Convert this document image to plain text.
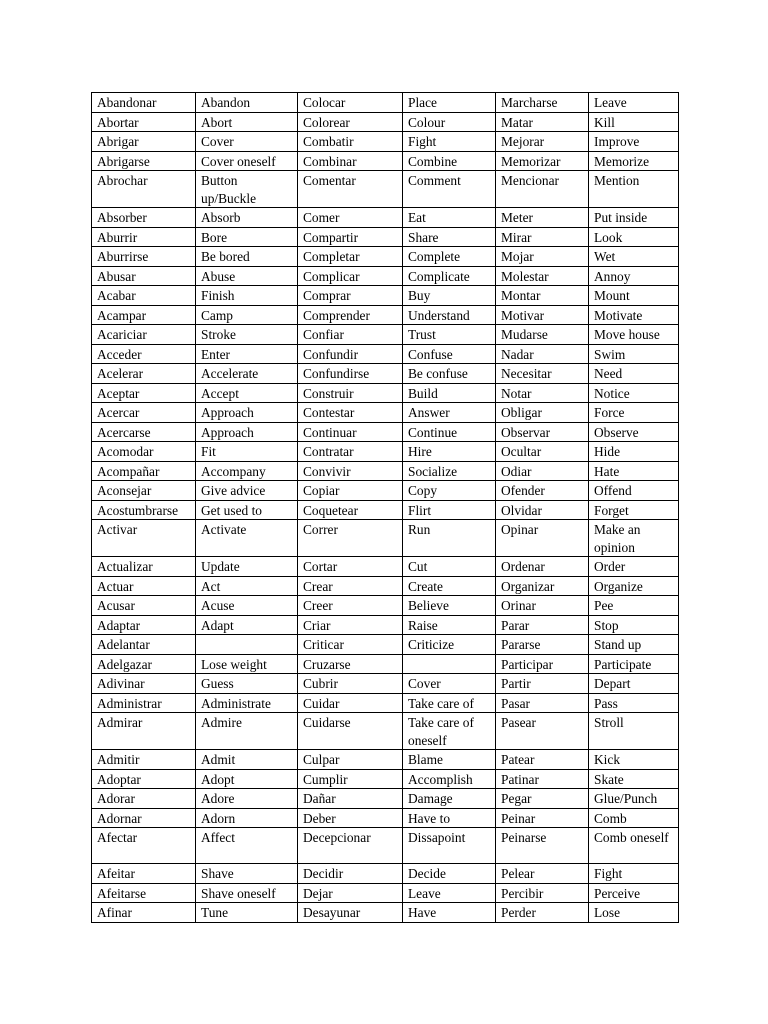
Abandonar	Abandon	Colocar	Place	Marcharse	Leave
Abortar	Abort	Colorear	Colour	Matar	Kill
Abrigar	Cover	Combatir	Fight	Mejorar	Improve
Abrigarse	Cover oneself	Combinar	Combine	Memorizar	Memorize
Abrochar	Button up/Buckle	Comentar	Comment	Mencionar	Mention
Absorber	Absorb	Comer	Eat	Meter	Put inside
Aburrir	Bore	Compartir	Share	Mirar	Look
Aburrirse	Be bored	Completar	Complete	Mojar	Wet
Abusar	Abuse	Complicar	Complicate	Molestar	Annoy
Acabar	Finish	Comprar	Buy	Montar	Mount
Acampar	Camp	Comprender	Understand	Motivar	Motivate
Acariciar	Stroke	Confiar	Trust	Mudarse	Move house
Acceder	Enter	Confundir	Confuse	Nadar	Swim
Acelerar	Accelerate	Confundirse	Be confuse	Necesitar	Need
Aceptar	Accept	Construir	Build	Notar	Notice
Acercar	Approach	Contestar	Answer	Obligar	Force
Acercarse	Approach	Continuar	Continue	Observar	Observe
Acomodar	Fit	Contratar	Hire	Ocultar	Hide
Acompañar	Accompany	Convivir	Socialize	Odiar	Hate
Aconsejar	Give advice	Copiar	Copy	Ofender	Offend
Acostumbrarse	Get used to	Coquetear	Flirt	Olvidar	Forget
Activar	Activate	Correr	Run	Opinar	Make an opinion
Actualizar	Update	Cortar	Cut	Ordenar	Order
Actuar	Act	Crear	Create	Organizar	Organize
Acusar	Acuse	Creer	Believe	Orinar	Pee
Adaptar	Adapt	Criar	Raise	Parar	Stop
Adelantar		Criticar	Criticize	Pararse	Stand up
Adelgazar	Lose weight	Cruzarse		Participar	Participate
Adivinar	Guess	Cubrir	Cover	Partir	Depart
Administrar	Administrate	Cuidar	Take care of	Pasar	Pass
Admirar	Admire	Cuidarse	Take care of oneself	Pasear	Stroll
Admitir	Admit	Culpar	Blame	Patear	Kick
Adoptar	Adopt	Cumplir	Accomplish	Patinar	Skate
Adorar	Adore	Dañar	Damage	Pegar	Glue/Punch
Adornar	Adorn	Deber	Have to	Peinar	Comb
Afectar	Affect	Decepcionar	Dissapoint	Peinarse	Comb oneself
Afeitar	Shave	Decidir	Decide	Pelear	Fight
Afeitarse	Shave oneself	Dejar	Leave	Percibir	Perceive
Afinar	Tune	Desayunar	Have	Perder	Lose
